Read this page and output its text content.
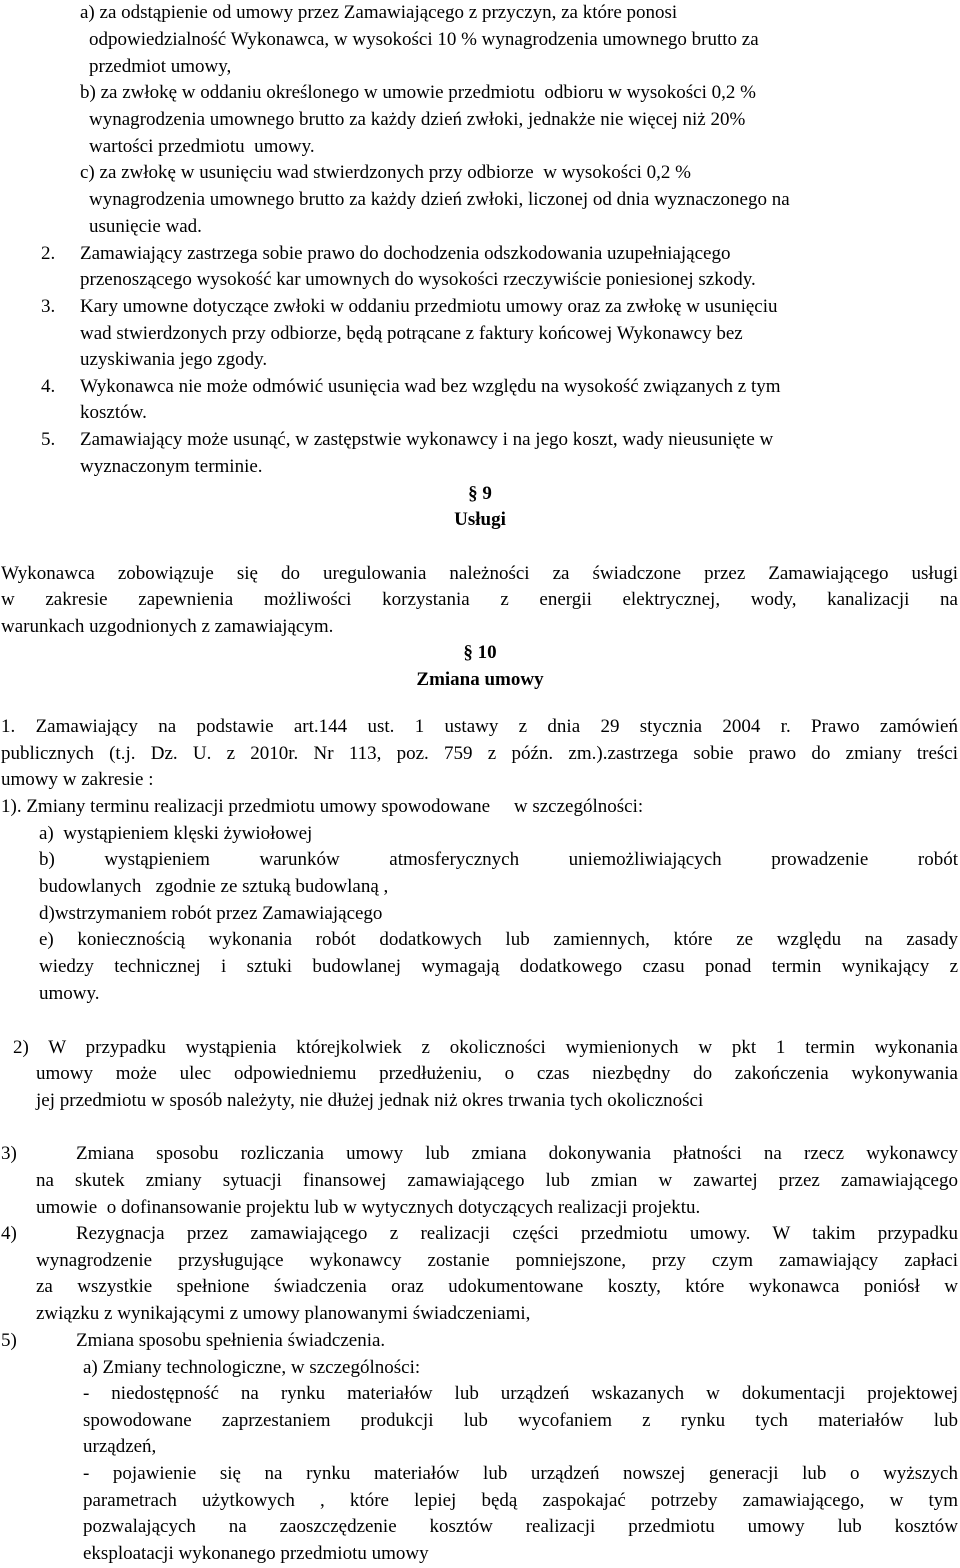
a) za odstąpienie od umowy przez Zamawiającego z przyczyn, za które ponosi
odpowiedzialność Wykonawca, w wysokości 10 % wynagrodzenia umownego brutto za
przedmiot umowy,
b) za zwłokę w oddaniu określonego w umowie przedmiotu  odbioru w wysokości 0,2 %
wynagrodzenia umownego brutto za każdy dzień zwłoki, jednakże nie więcej niż 20%
wartości przedmiotu  umowy.
c) za zwłokę w usunięciu wad stwierdzonych przy odbiorze  w wysokości 0,2 %
wynagrodzenia umownego brutto za każdy dzień zwłoki, liczonej od dnia wyznaczonego na
usunięcie wad.
2. Zamawiający zastrzega sobie prawo do dochodzenia odszkodowania uzupełniającego
przenoszącego wysokość kar umownych do wysokości rzeczywiście poniesionej szkody.
3. Kary umowne dotyczące zwłoki w oddaniu przedmiotu umowy oraz za zwłokę w usunięciu
wad stwierdzonych przy odbiorze, będą potrącane z faktury końcowej Wykonawcy bez
uzyskiwania jego zgody.
4. Wykonawca nie może odmówić usunięcia wad bez względu na wysokość związanych z tym
kosztów.
5. Zamawiający może usunąć, w zastępstwie wykonawcy i na jego koszt, wady nieusunięte w
wyznaczonym terminie.
§ 9
Usługi
Wykonawca zobowiązuje się do uregulowania należności za świadczone przez Zamawiającego usługi
w zakresie zapewnienia możliwości korzystania z energii elektrycznej, wody, kanalizacji na
warunkach uzgodnionych z zamawiającym.
§ 10
Zmiana umowy
1. Zamawiający na podstawie art.144 ust. 1 ustawy z dnia 29 stycznia 2004 r. Prawo zamówień
publicznych (t.j. Dz. U. z 2010r. Nr 113, poz. 759 z późn. zm.).zastrzega sobie prawo do zmiany treści
umowy w zakresie :
1). Zmiany terminu realizacji przedmiotu umowy spowodowane     w szczególności:
a)  wystąpieniem klęski żywiołowej
b) wystąpieniem warunków atmosferycznych uniemożliwiających prowadzenie robót
budowlanych   zgodnie ze sztuką budowlaną ,
d)wstrzymaniem robót przez Zamawiającego
e) koniecznością wykonania robót dodatkowych lub zamiennych, które ze względu na zasady
wiedzy technicznej i sztuki budowlanej wymagają dodatkowego czasu ponad termin wynikający z
umowy.
2) W przypadku wystąpienia którejkolwiek z okoliczności wymienionych w pkt 1 termin wykonania
umowy może ulec odpowiedniemu przedłużeniu, o czas niezbędny do zakończenia wykonywania
jej przedmiotu w sposób należyty, nie dłużej jednak niż okres trwania tych okoliczności
3)	Zmiana sposobu rozliczania umowy lub zmiana dokonywania płatności na rzecz wykonawcy
na skutek zmiany sytuacji finansowej zamawiającego lub zmian w zawartej przez zamawiającego
umowie  o dofinansowanie projektu lub w wytycznych dotyczących realizacji projektu.
4)	Rezygnacja przez zamawiającego z realizacji części przedmiotu umowy. W takim przypadku
wynagrodzenie przysługujące wykonawcy zostanie pomniejszone, przy czym zamawiający zapłaci
za wszystkie spełnione świadczenia oraz udokumentowane koszty, które wykonawca poniósł w
związku z wynikającymi z umowy planowanymi świadczeniami,
5)	Zmiana sposobu spełnienia świadczenia.
a) Zmiany technologiczne, w szczególności:
- niedostępność na rynku materiałów lub urządzeń wskazanych w dokumentacji projektowej
spowodowane zaprzestaniem produkcji lub wycofaniem z rynku tych materiałów lub
urządzeń,
- pojawienie się na rynku materiałów lub urządzeń nowszej generacji lub o wyższych
parametrach użytkowych , które lepiej będą zaspokajać potrzeby zamawiającego, w tym
pozwalających na zaoszczędzenie kosztów realizacji przedmiotu umowy lub kosztów
eksploatacji wykonanego przedmiotu umowy
